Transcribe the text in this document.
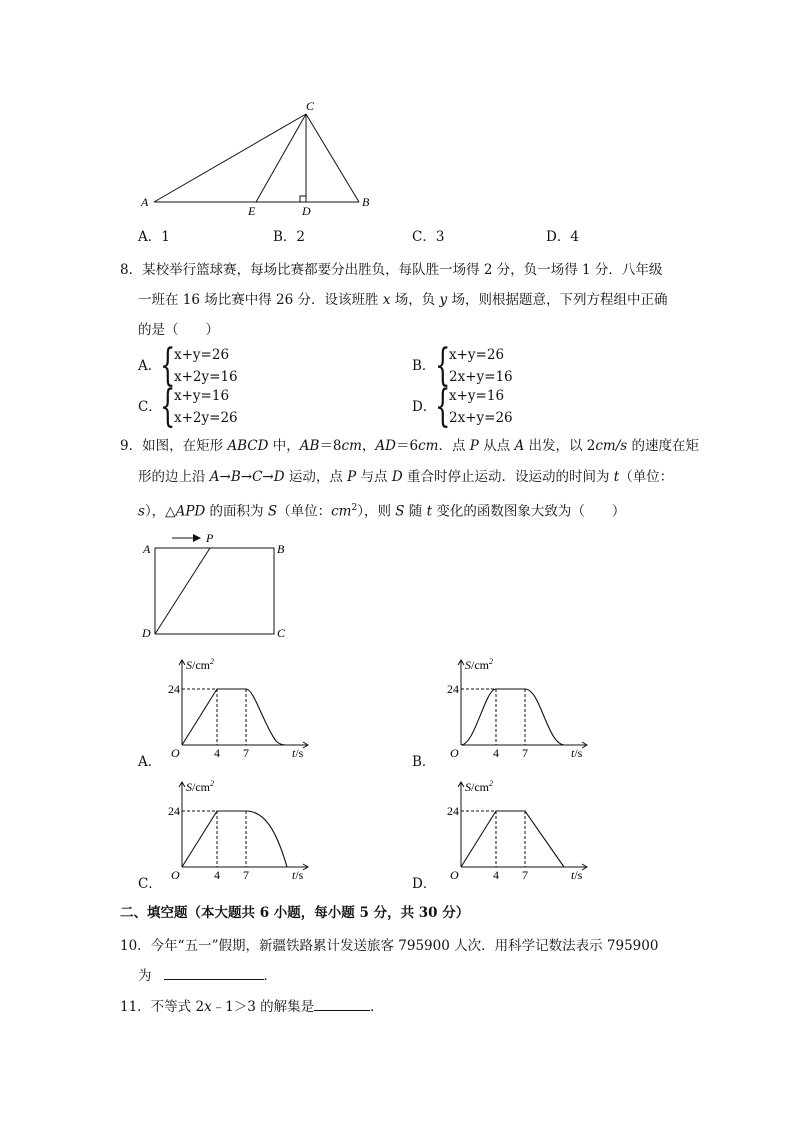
C
A	B
E	D
A．1	B．2	C．3	D．4
8．某校举行篮球赛，每场比赛都要分出胜负，每队胜一场得 2 分，负一场得 1 分．八年级
一班在 16 场比赛中得 26 分．设该班胜 x 场，负 y 场，则根据题意，下列方程组中正确
的是（　　）
A．
{
x+y=26
x+2y=16
B． {
x+y=26
2x+y=16
C．
{
x+y=16
x+2y=26
D．
{
x+y=16
2x+y=26
9．如图，在矩形 ABCD 中，AB＝8cm，AD＝6cm．点 P 从点 A 出发，以 2cm/s 的速度在矩
形的边上沿 A→B→C→D 运动，点 P 与点 D 重合时停止运动．设运动的时间为 t（单位：
s），△APD 的面积为 S（单位：$cm^2$），则 S 随 t 变化的函数图象大致为（　　）
A	B
C
D
P
$S/cm^2$
24
O	4 7	t/s
$S/cm^2$
24
O	4 7	t/s
$S/cm^2$
24
O	4 7	t/s
$S/cm^2$
24
O	4 7	t/s
A．	B．
C．	D．
二、填空题（本大题共 6 小题，每小题 5 分，共 30 分）
10．今年“五一”假期，新疆铁路累计发送旅客 795900 人次．用科学记数法表示 795900
为	．
11．不等式 2x﹣1＞3 的解集是	．
